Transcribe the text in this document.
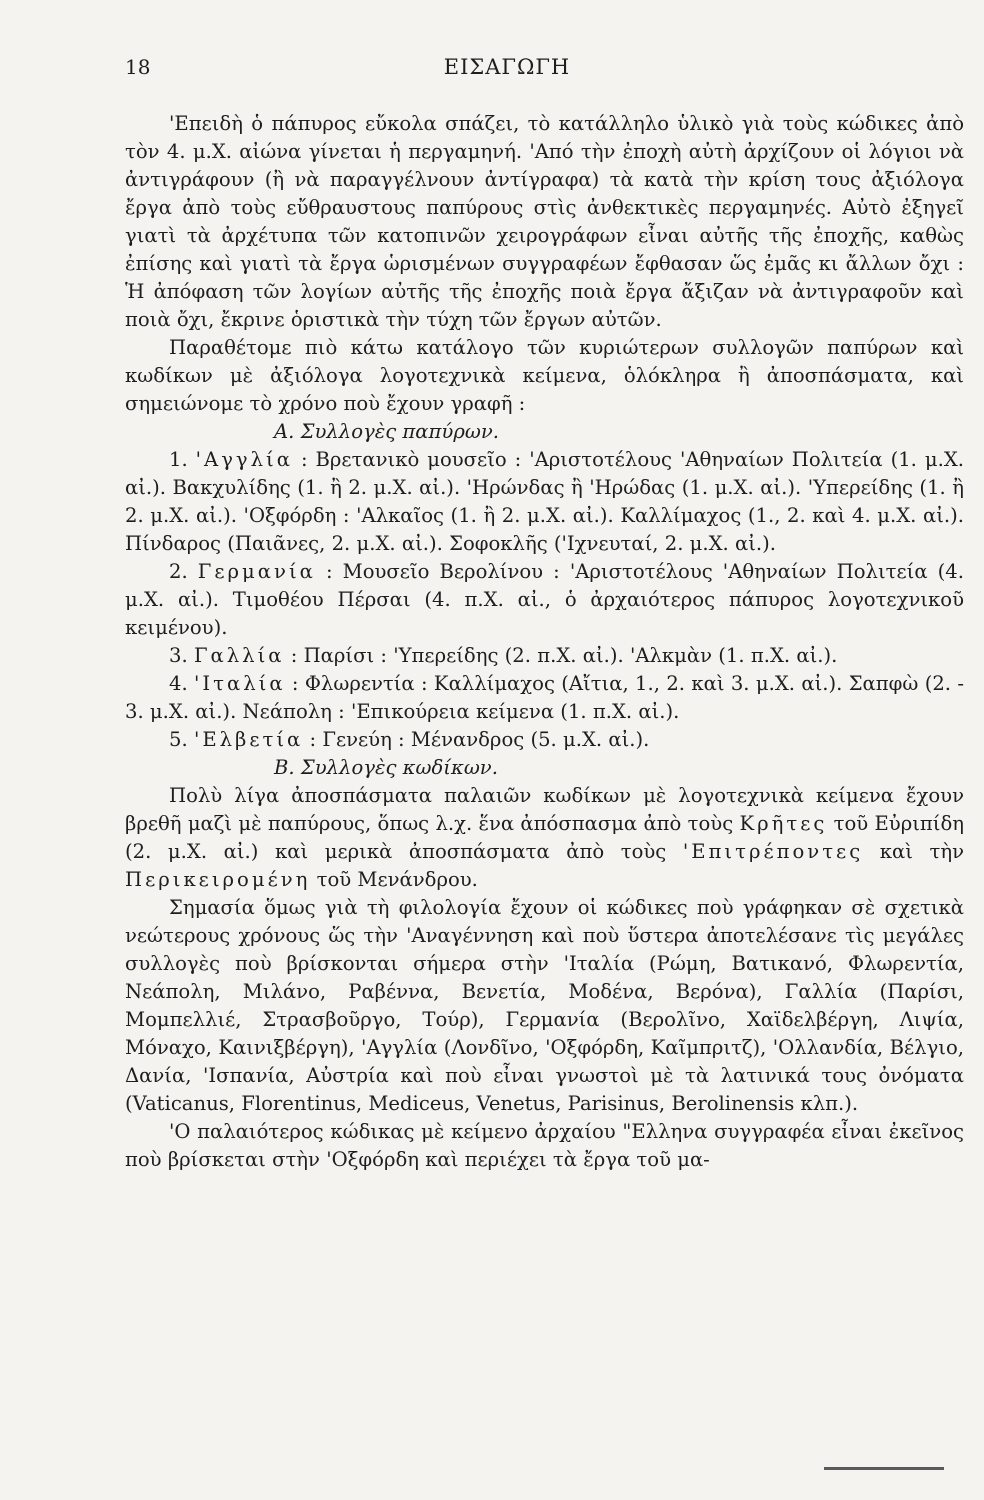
18	ΕΙΣΑΓΩΓΗ

'Επειδὴ ὁ πάπυρος εὔκολα σπάζει, τὸ κατάλληλο ὑλικὸ γιὰ τοὺς κώδικες ἀπὸ τὸν 4. μ.Χ. αἰώνα γίνεται ἡ περγαμηνή. 'Από τὴν ἐποχὴ αὐτὴ ἀρχίζουν οἱ λόγιοι νὰ ἀντιγράφουν (ἢ νὰ παραγγέλνουν ἀντίγραφα) τὰ κατὰ τὴν κρίση τους ἀξιόλογα ἔργα ἀπὸ τοὺς εὔθραυστους παπύρους στὶς ἀνθεκτικὲς περγαμηνές. Αὐτὸ ἐξηγεῖ γιατὶ τὰ ἀρχέτυπα τῶν κατοπινῶν χειρογράφων εἶναι αὐτῆς τῆς ἐποχῆς, καθὼς ἐπίσης καὶ γιατὶ τὰ ἔργα ὡρισμένων συγγραφέων ἔφθασαν ὥς ἐμᾶς κι ἄλλων ὄχι : Ἡ ἀπόφαση τῶν λογίων αὐτῆς τῆς ἐποχῆς ποιὰ ἔργα ἄξιζαν νὰ ἀντιγραφοῦν καὶ ποιὰ ὄχι, ἔκρινε ὁριστικὰ τὴν τύχη τῶν ἔργων αὐτῶν.

Παραθέτομε πιὸ κάτω κατάλογο τῶν κυριώτερων συλλογῶν παπύρων καὶ κωδίκων μὲ ἀξιόλογα λογοτεχνικὰ κείμενα, ὁλόκληρα ἢ ἀποσπάσματα, καὶ σημειώνομε τὸ χρόνο ποὺ ἔχουν γραφῆ :

Α. Συλλογὲς παπύρων.

1. 'Αγγλία : Βρετανικὸ μουσεῖο : 'Αριστοτέλους 'Αθηναίων Πολιτεία (1. μ.Χ. αἰ.). Βακχυλίδης (1. ἢ 2. μ.Χ. αἰ.). 'Ηρώνδας ἢ 'Ηρώδας (1. μ.Χ. αἰ.). 'Υπερείδης (1. ἢ 2. μ.Χ. αἰ.). 'Οξφόρδη : 'Αλκαῖος (1. ἢ 2. μ.Χ. αἰ.). Καλλίμαχος (1., 2. καὶ 4. μ.Χ. αἰ.). Πίνδαρος (Παιᾶνες, 2. μ.Χ. αἰ.). Σοφοκλῆς ('Ιχνευταί, 2. μ.Χ. αἰ.).

2. Γερμανία : Μουσεῖο Βερολίνου : 'Αριστοτέλους 'Αθηναίων Πολιτεία (4. μ.Χ. αἰ.). Τιμοθέου Πέρσαι (4. π.Χ. αἰ., ὁ ἀρχαιότερος πάπυρος λογοτεχνικοῦ κειμένου).

3. Γαλλία : Παρίσι : 'Υπερείδης (2. π.Χ. αἰ.). 'Αλκμὰν (1. π.Χ. αἰ.).

4. 'Ιταλία : Φλωρεντία : Καλλίμαχος (Αἴτια, 1., 2. καὶ 3. μ.Χ. αἰ.). Σαπφὼ (2. - 3. μ.Χ. αἰ.). Νεάπολη : 'Επικούρεια κείμενα (1. π.Χ. αἰ.).

5. 'Ελβετία : Γενεύη : Μένανδρος (5. μ.Χ. αἰ.).

Β. Συλλογὲς κωδίκων.

Πολὺ λίγα ἀποσπάσματα παλαιῶν κωδίκων μὲ λογοτεχνικὰ κείμενα ἔχουν βρεθῆ μαζὶ μὲ παπύρους, ὅπως λ.χ. ἕνα ἀπόσπασμα ἀπὸ τοὺς Κρῆτες τοῦ Εὐριπίδη (2. μ.Χ. αἰ.) καὶ μερικὰ ἀποσπάσματα ἀπὸ τοὺς 'Επιτρέποντες καὶ τὴν Περικειρομένη τοῦ Μενάνδρου.

Σημασία ὅμως γιὰ τὴ φιλολογία ἔχουν οἱ κώδικες ποὺ γράφηκαν σὲ σχετικὰ νεώτερους χρόνους ὥς τὴν 'Αναγέννηση καὶ ποὺ ὕστερα ἀποτελέσανε τὶς μεγάλες συλλογὲς ποὺ βρίσκονται σήμερα στὴν 'Ιταλία (Ρώμη, Βατικανό, Φλωρεντία, Νεάπολη, Μιλάνο, Ραβέννα, Βενετία, Μοδένα, Βερόνα), Γαλλία (Παρίσι, Μομπελλιέ, Στρασβοῦργο, Τούρ), Γερμανία (Βερολῖνο, Χαϊδελβέργη, Λιψία, Μόναχο, Καινιξβέργη), 'Αγγλία (Λονδῖνο, 'Οξφόρδη, Καῖμπριτζ), 'Ολλανδία, Βέλγιο, Δανία, 'Ισπανία, Αὐστρία καὶ ποὺ εἶναι γνωστοὶ μὲ τὰ λατινικά τους ὀνόματα (Vaticanus, Florentinus, Mediceus, Venetus, Parisinus, Berolinensis κλπ.).

'Ο παλαιότερος κώδικας μὲ κείμενο ἀρχαίου "Ελληνα συγγραφέα εἶναι ἐκεῖνος ποὺ βρίσκεται στὴν 'Οξφόρδη καὶ περιέχει τὰ ἔργα τοῦ μα-
